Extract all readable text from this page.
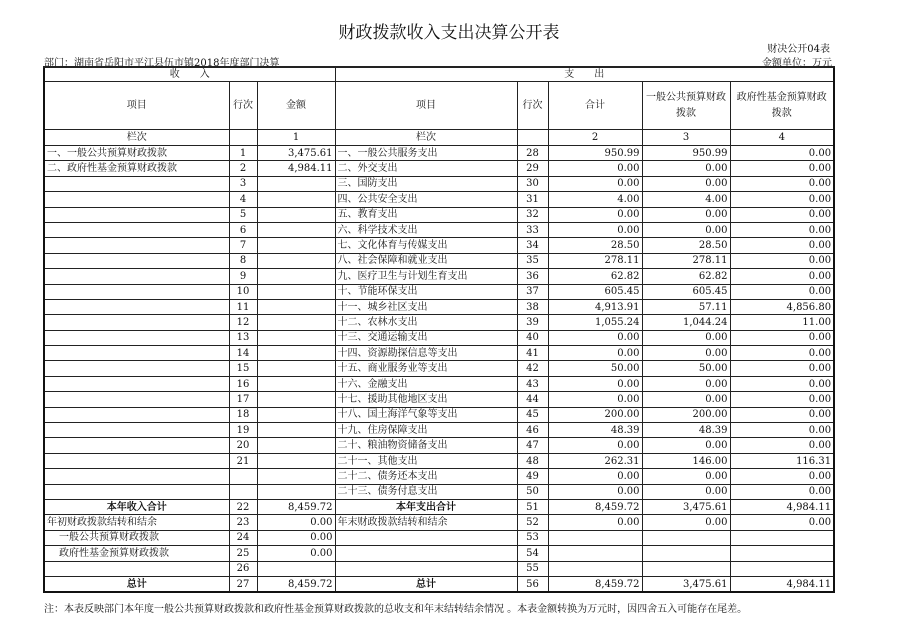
财政拨款收入支出决算公开表
财决公开04表
部门：湖南省岳阳市平江县伍市镇2018年度部门决算	金额单位：万元
收　　入			支　　出				
项目	行次	金额	项目	行次	合计	一般公共预算财政拨款	政府性基金预算财政拨款
栏次		1	栏次		2	3	4
一、一般公共预算财政拨款	1	3,475.61	一、一般公共服务支出	28	950.99	950.99	0.00
二、政府性基金预算财政拨款	2	4,984.11	二、外交支出	29	0.00	0.00	0.00
	3		三、国防支出	30	0.00	0.00	0.00
	4		四、公共安全支出	31	4.00	4.00	0.00
	5		五、教育支出	32	0.00	0.00	0.00
	6		六、科学技术支出	33	0.00	0.00	0.00
	7		七、文化体育与传媒支出	34	28.50	28.50	0.00
	8		八、社会保障和就业支出	35	278.11	278.11	0.00
	9		九、医疗卫生与计划生育支出	36	62.82	62.82	0.00
	10		十、节能环保支出	37	605.45	605.45	0.00
	11		十一、城乡社区支出	38	4,913.91	57.11	4,856.80
	12		十二、农林水支出	39	1,055.24	1,044.24	11.00
	13		十三、交通运输支出	40	0.00	0.00	0.00
	14		十四、资源勘探信息等支出	41	0.00	0.00	0.00
	15		十五、商业服务业等支出	42	50.00	50.00	0.00
	16		十六、金融支出	43	0.00	0.00	0.00
	17		十七、援助其他地区支出	44	0.00	0.00	0.00
	18		十八、国土海洋气象等支出	45	200.00	200.00	0.00
	19		十九、住房保障支出	46	48.39	48.39	0.00
	20		二十、粮油物资储备支出	47	0.00	0.00	0.00
	21		二十一、其他支出	48	262.31	146.00	116.31
			二十二、债务还本支出	49	0.00	0.00	0.00
			二十三、债务付息支出	50	0.00	0.00	0.00
本年收入合计	22	8,459.72	本年支出合计	51	8,459.72	3,475.61	4,984.11
年初财政拨款结转和结余	23	0.00	年末财政拨款结转和结余	52	0.00	0.00	0.00
一般公共预算财政拨款	24	0.00		53			
政府性基金预算财政拨款	25	0.00		54			
	26			55			
总计	27	8,459.72	总计	56	8,459.72	3,475.61	4,984.11
注：本表反映部门本年度一般公共预算财政拨款和政府性基金预算财政拨款的总收支和年末结转结余情况 。本表金额转换为万元时，因四舍五入可能存在尾差。
